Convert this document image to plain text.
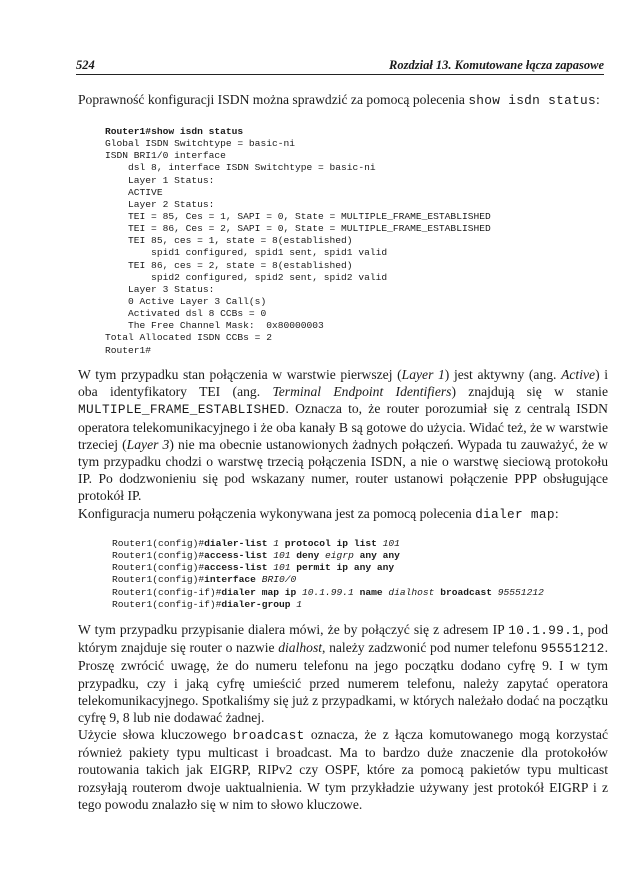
524	Rozdział 13. Komutowane łącza zapasowe

Poprawność konfiguracji ISDN można sprawdzić za pomocą polecenia show isdn status:

Router1#show isdn status
Global ISDN Switchtype = basic-ni
ISDN BRI1/0 interface
dsl 8, interface ISDN Switchtype = basic-ni
Layer 1 Status:
ACTIVE
Layer 2 Status:
TEI = 85, Ces = 1, SAPI = 0, State = MULTIPLE_FRAME_ESTABLISHED
TEI = 86, Ces = 2, SAPI = 0, State = MULTIPLE_FRAME_ESTABLISHED
TEI 85, ces = 1, state = 8(established)
spid1 configured, spid1 sent, spid1 valid
TEI 86, ces = 2, state = 8(established)
spid2 configured, spid2 sent, spid2 valid
Layer 3 Status:
0 Active Layer 3 Call(s)
Activated dsl 8 CCBs = 0
The Free Channel Mask:  0x80000003
Total Allocated ISDN CCBs = 2
Router1#

W tym przypadku stan połączenia w warstwie pierwszej (Layer 1) jest aktywny (ang. Active) i oba identyfikatory TEI (ang. Terminal Endpoint Identifiers) znajdują się w stanie MULTIPLE_FRAME_ESTABLISHED. Oznacza to, że router porozumiał się z centralą ISDN operatora telekomunikacyjnego i że oba kanały B są gotowe do użycia. Widać też, że w warstwie trzeciej (Layer 3) nie ma obecnie ustanowionych żadnych połączeń. Wypada tu zauważyć, że w tym przypadku chodzi o warstwę trzecią połączenia ISDN, a nie o warstwę sieciową protokołu IP. Po dodzwonieniu się pod wskazany numer, router ustanowi połączenie PPP obsługujące protokół IP.

Konfiguracja numeru połączenia wykonywana jest za pomocą polecenia dialer map:

Router1(config)#dialer-list 1 protocol ip list 101
Router1(config)#access-list 101 deny eigrp any any
Router1(config)#access-list 101 permit ip any any
Router1(config)#interface BRI0/0
Router1(config-if)#dialer map ip 10.1.99.1 name dialhost broadcast 95551212
Router1(config-if)#dialer-group 1

W tym przypadku przypisanie dialera mówi, że by połączyć się z adresem IP 10.1.99.1, pod którym znajduje się router o nazwie dialhost, należy zadzwonić pod numer telefonu 95551212. Proszę zwrócić uwagę, że do numeru telefonu na jego początku dodano cyfrę 9. I w tym przypadku, czy i jaką cyfrę umieścić przed numerem telefonu, należy zapytać operatora telekomunikacyjnego. Spotkaliśmy się już z przypadkami, w których należało dodać na początku cyfrę 9, 8 lub nie dodawać żadnej.

Użycie słowa kluczowego broadcast oznacza, że z łącza komutowanego mogą korzystać również pakiety typu multicast i broadcast. Ma to bardzo duże znaczenie dla protokołów routowania takich jak EIGRP, RIPv2 czy OSPF, które za pomocą pakietów typu multicast rozsyłają routerom dwoje uaktualnienia. W tym przykładzie używany jest protokół EIGRP i z tego powodu znalazło się w nim to słowo kluczowe.
